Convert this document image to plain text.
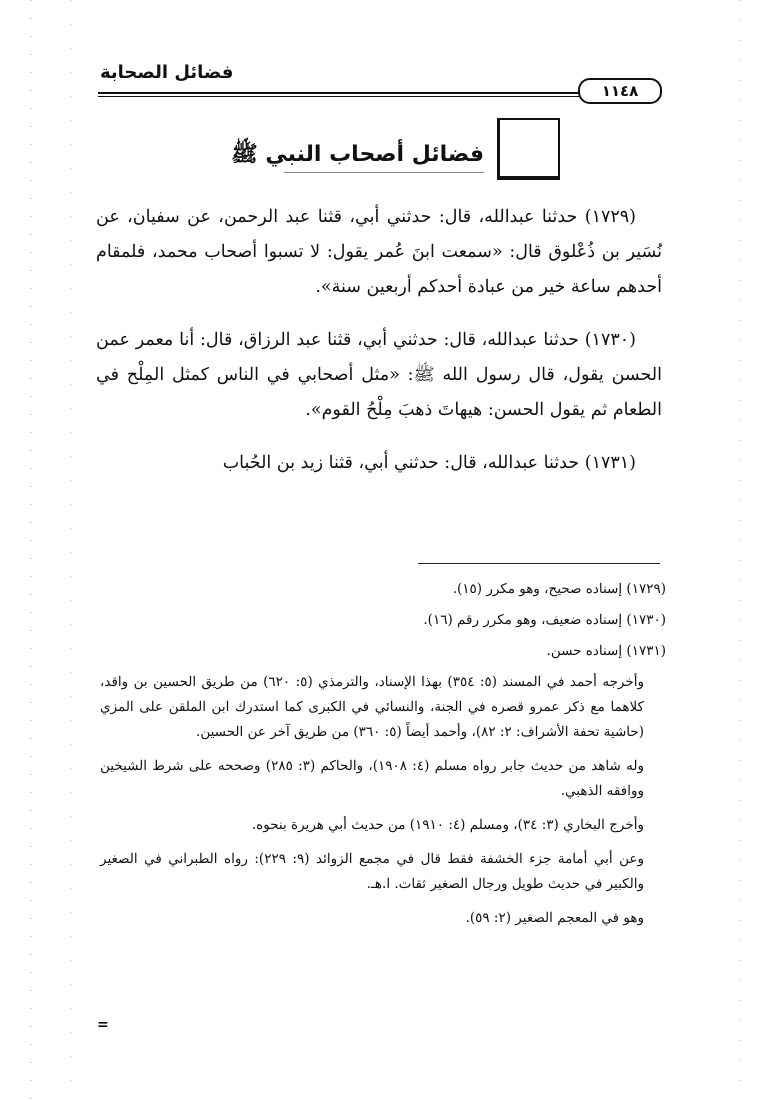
فضائل الصحابة
١١٤٨
فضائل أصحاب النبي ﷺ

(١٧٢٩) حدثنا عبدالله، قال: حدثني أبي، قثنا عبد الرحمن، عن سفيان، عن نُسَير بن ذُعْلوق قال: «سمعت ابنَ عُمر يقول: لا تسبوا أصحاب محمد، فلمقام أحدهم ساعة خير من عبادة أحدكم أربعين سنة».

(١٧٣٠) حدثنا عبدالله، قال: حدثني أبي، قثنا عبد الرزاق، قال: أنا معمر عمن الحسن يقول، قال رسول الله ﷺ: «مثل أصحابي في الناس كمثل المِلْح في الطعام ثم يقول الحسن: هيهاتَ ذهبَ مِلْحُ القوم».

(١٧٣١) حدثنا عبدالله، قال: حدثني أبي، قثنا زيد بن الحُباب

(١٧٢٩) إسناده صحيح، وهو مكرر (١٥).
(١٧٣٠) إسناده ضعيف، وهو مكرر رقم (١٦).
(١٧٣١) إسناده حسن.
وأخرجه أحمد في المسند (٥: ٣٥٤) بهذا الإسناد، والترمذي (٥: ٦٢٠) من طريق الحسين بن واقد، كلاهما مع ذكر عمرو قصره في الجنة، والنسائي في الكبرى كما استدرك ابن الملقن على المزي (حاشية تحفة الأشراف: ٢: ٨٢)، وأحمد أيضاً (٥: ٣٦٠) من طريق آخر عن الحسين.
وله شاهد من حديث جابر رواه مسلم (٤: ١٩٠٨)، والحاكم (٣: ٢٨٥) وصححه على شرط الشيخين ووافقه الذهبي.
وأخرج البخاري (٣: ٣٤)، ومسلم (٤: ١٩١٠) من حديث أبي هريرة بنحوه.
وعن أبي أمامة جزء الخشفة فقط قال في مجمع الزوائد (٩: ٢٢٩): رواه الطبراني في الصغير والكبير في حديث طويل ورجال الصغير ثقات. ا.هـ.
وهو في المعجم الصغير (٢: ٥٩).
=
